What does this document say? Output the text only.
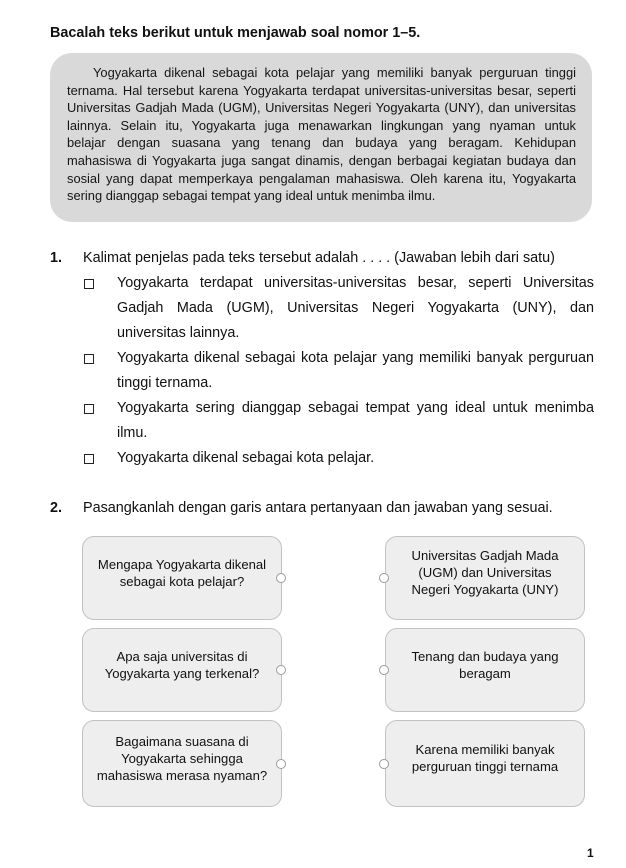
Bacalah teks berikut untuk menjawab soal nomor 1–5.
Yogyakarta dikenal sebagai kota pelajar yang memiliki banyak perguruan tinggi
ternama. Hal tersebut karena Yogyakarta terdapat universitas-universitas besar, seperti
Universitas Gadjah Mada (UGM), Universitas Negeri Yogyakarta (UNY), dan universitas
lainnya. Selain itu, Yogyakarta juga menawarkan lingkungan yang nyaman untuk
belajar dengan suasana yang tenang dan budaya yang beragam. Kehidupan
mahasiswa di Yogyakarta juga sangat dinamis, dengan berbagai kegiatan budaya dan
sosial yang dapat memperkaya pengalaman mahasiswa. Oleh karena itu, Yogyakarta
sering dianggap sebagai tempat yang ideal untuk menimba ilmu.
1. Kalimat penjelas pada teks tersebut adalah . . . . (Jawaban lebih dari satu)
Yogyakarta terdapat universitas-universitas besar, seperti Universitas
Gadjah Mada (UGM), Universitas Negeri Yogyakarta (UNY), dan
universitas lainnya.
Yogyakarta dikenal sebagai kota pelajar yang memiliki banyak perguruan
tinggi ternama.
Yogyakarta sering dianggap sebagai tempat yang ideal untuk menimba
ilmu.
Yogyakarta dikenal sebagai kota pelajar.
2. Pasangkanlah dengan garis antara pertanyaan dan jawaban yang sesuai.
Mengapa Yogyakarta dikenal
sebagai kota pelajar?
Universitas Gadjah Mada
(UGM) dan Universitas
Negeri Yogyakarta (UNY)
Apa saja universitas di
Yogyakarta yang terkenal?
Tenang dan budaya yang
beragam
Bagaimana suasana di
Yogyakarta sehingga
mahasiswa merasa nyaman?
Karena memiliki banyak
perguruan tinggi ternama
1
